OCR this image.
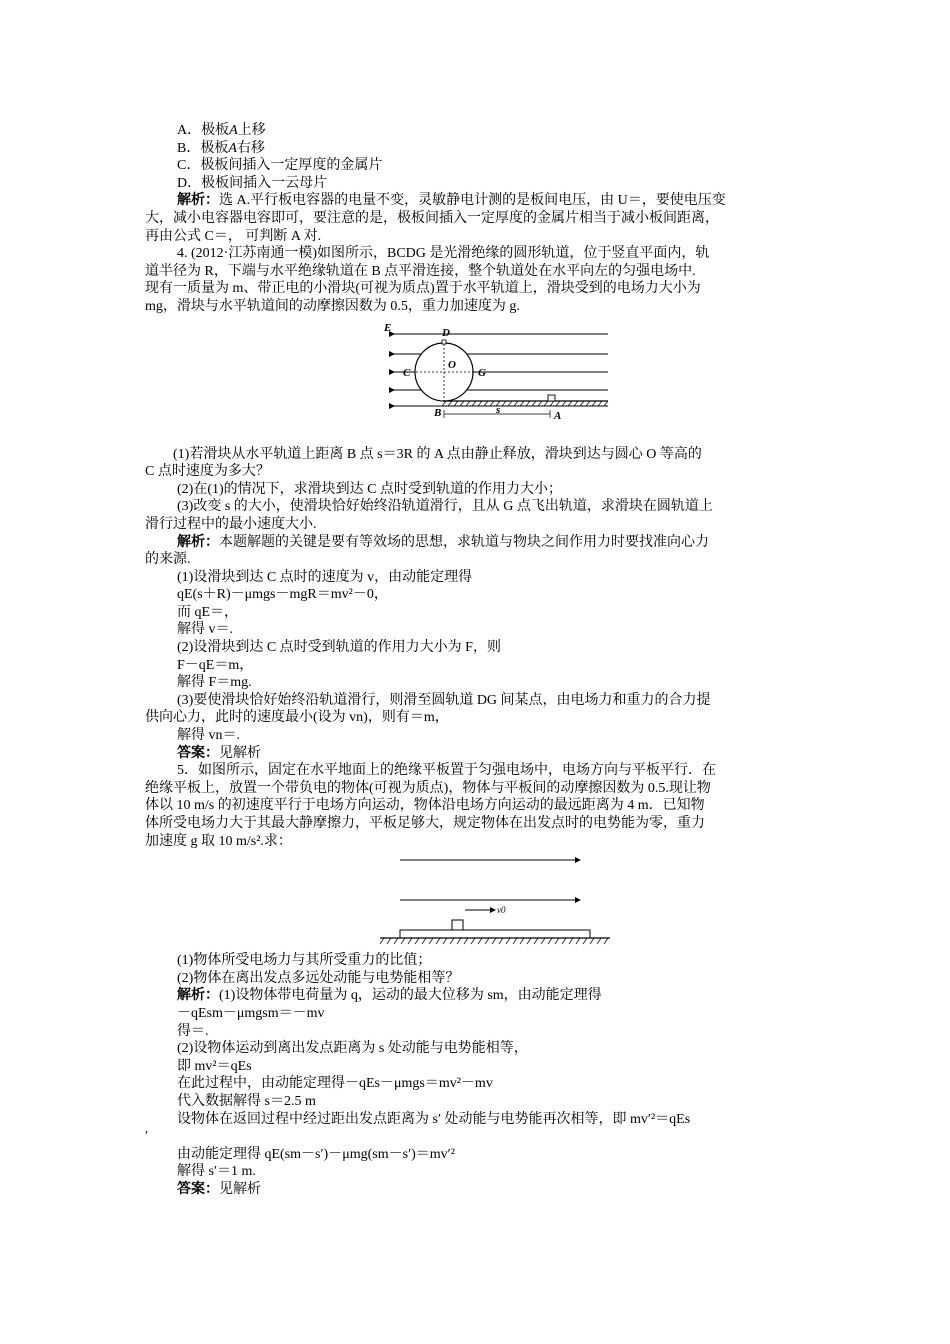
A．极板A上移
B．极板A右移
C．极板间插入一定厚度的金属片
D．极板间插入一云母片
解析：选 A.平行板电容器的电量不变，灵敏静电计测的是板间电压，由 U＝，要使电压变
大，减小电容器电容即可，要注意的是，极板间插入一定厚度的金属片相当于减小板间距离，
再由公式 C＝， 可判断 A 对.
4. (2012·江苏南通一模)如图所示，BCDG 是光滑绝缘的圆形轨道，位于竖直平面内，轨
道半径为 R，下端与水平绝缘轨道在 B 点平滑连接，整个轨道处在水平向左的匀强电场中.
现有一质量为 m、带正电的小滑块(可视为质点)置于水平轨道上，滑块受到的电场力大小为
mg，滑块与水平轨道间的动摩擦因数为 0.5，重力加速度为 g.
E	D
O
C	G
B	s	A
(1)若滑块从水平轨道上距离 B 点 s＝3R 的 A 点由静止释放，滑块到达与圆心 O 等高的
C 点时速度为多大？
(2)在(1)的情况下，求滑块到达 C 点时受到轨道的作用力大小；
(3)改变 s 的大小，使滑块恰好始终沿轨道滑行，且从 G 点飞出轨道，求滑块在圆轨道上
滑行过程中的最小速度大小.
解析：本题解题的关键是要有等效场的思想，求轨道与物块之间作用力时要找准向心力
的来源.
(1)设滑块到达 C 点时的速度为 v，由动能定理得
qE(s＋R)－μmgs－mgR＝mv²－0，
而 qE＝，
解得 v＝.
(2)设滑块到达 C 点时受到轨道的作用力大小为 F，则
F－qE＝m，
解得 F＝mg.
(3)要使滑块恰好始终沿轨道滑行，则滑至圆轨道 DG 间某点，由电场力和重力的合力提
供向心力，此时的速度最小(设为 vn)，则有＝m，
解得 vn＝.
答案：见解析
5．如图所示，固定在水平地面上的绝缘平板置于匀强电场中，电场方向与平板平行．在
绝缘平板上，放置一个带负电的物体(可视为质点)，物体与平板间的动摩擦因数为 0.5.现让物
体以 10 m/s 的初速度平行于电场方向运动，物体沿电场方向运动的最远距离为 4 m．已知物
体所受电场力大于其最大静摩擦力，平板足够大，规定物体在出发点时的电势能为零，重力
加速度 g 取 10 m/s².求：
v0
(1)物体所受电场力与其所受重力的比值；
(2)物体在离出发点多远处动能与电势能相等？
解析：(1)设物体带电荷量为 q，运动的最大位移为 sm，由动能定理得
－qEsm－μmgsm＝－mv
得＝.
(2)设物体运动到离出发点距离为 s 处动能与电势能相等，
即 mv²＝qEs
在此过程中，由动能定理得－qEs－μmgs＝mv²－mv
代入数据解得 s＝2.5 m
设物体在返回过程中经过距出发点距离为 s′ 处动能与电势能再次相等，即 mv′²＝qEs
′
由动能定理得 qE(sm－s′)－μmg(sm－s′)＝mv′²
解得 s′＝1 m.
答案：见解析
